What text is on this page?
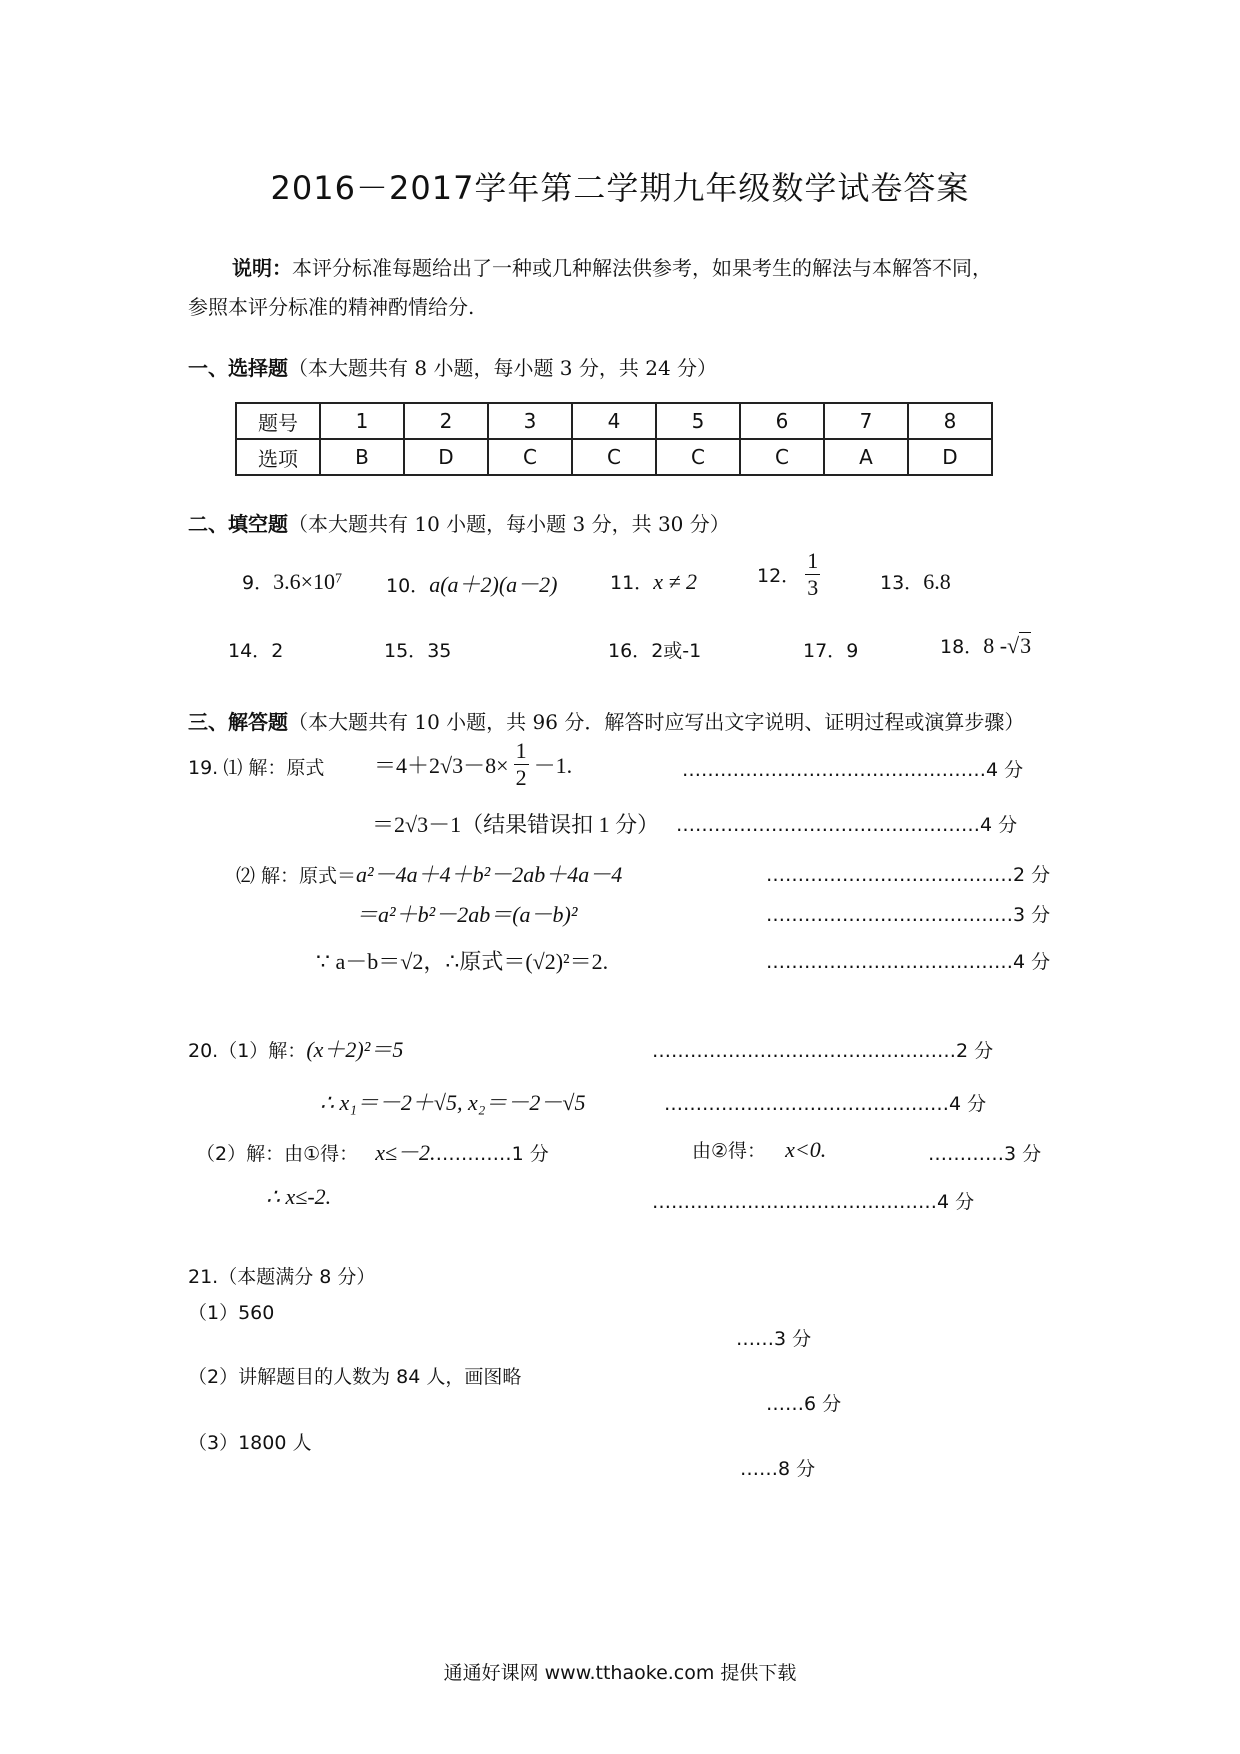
2016－2017学年第二学期九年级数学试卷答案
说明：本评分标准每题给出了一种或几种解法供参考，如果考生的解法与本解答不同，
参照本评分标准的精神酌情给分.
一、选择题（本大题共有 8 小题，每小题 3 分，共 24 分）
题号	1	2	3	4	5	6	7	8
选项	B	D	C	C	C	C	A	D
二、填空题（本大题共有 10 小题，每小题 3 分，共 30 分）
9．$3.6\times 10^7$ 10．a(a＋2)(a－2)	11．x ≠ 2	12． $\frac{1}{3}$	13．6.8
14．2	15．35	16．2或-1	17．9	18．8 -√3
三、解答题（本大题共有 10 小题，共 96 分．解答时应写出文字说明、证明过程或演算步骤）
19. ⑴ 解：原式 $=4+2√3-8\times \frac{1}{2} -1$.	…………………………………………4 分
＝2√3－1（结果错误扣 1 分） …………………………………………4 分
⑵ 解：原式＝a²－4a＋4＋b²－2ab＋4a－4	…………………………………2 分
＝a²＋b²－2ab＝(a－b)²	…………………………………3 分
∵ a－b＝√2，∴原式＝(√2)²＝2.	…………………………………4 分
20.（1）解：(x＋2)²＝5	…………………………………………2 分
∴ x₁＝－2＋√5, x₂＝－2－√5	………………………………………4 分
（2）解：由①得： x≤－2.…………1 分	由②得： x<0.	…………3 分
∴ x≤-2.	………………………………………4 分
21.（本题满分 8 分）
（1）560
……3 分
（2）讲解题目的人数为 84 人，画图略
……6 分
（3）1800 人
……8 分
通通好课网 www.tthaoke.com 提供下载
